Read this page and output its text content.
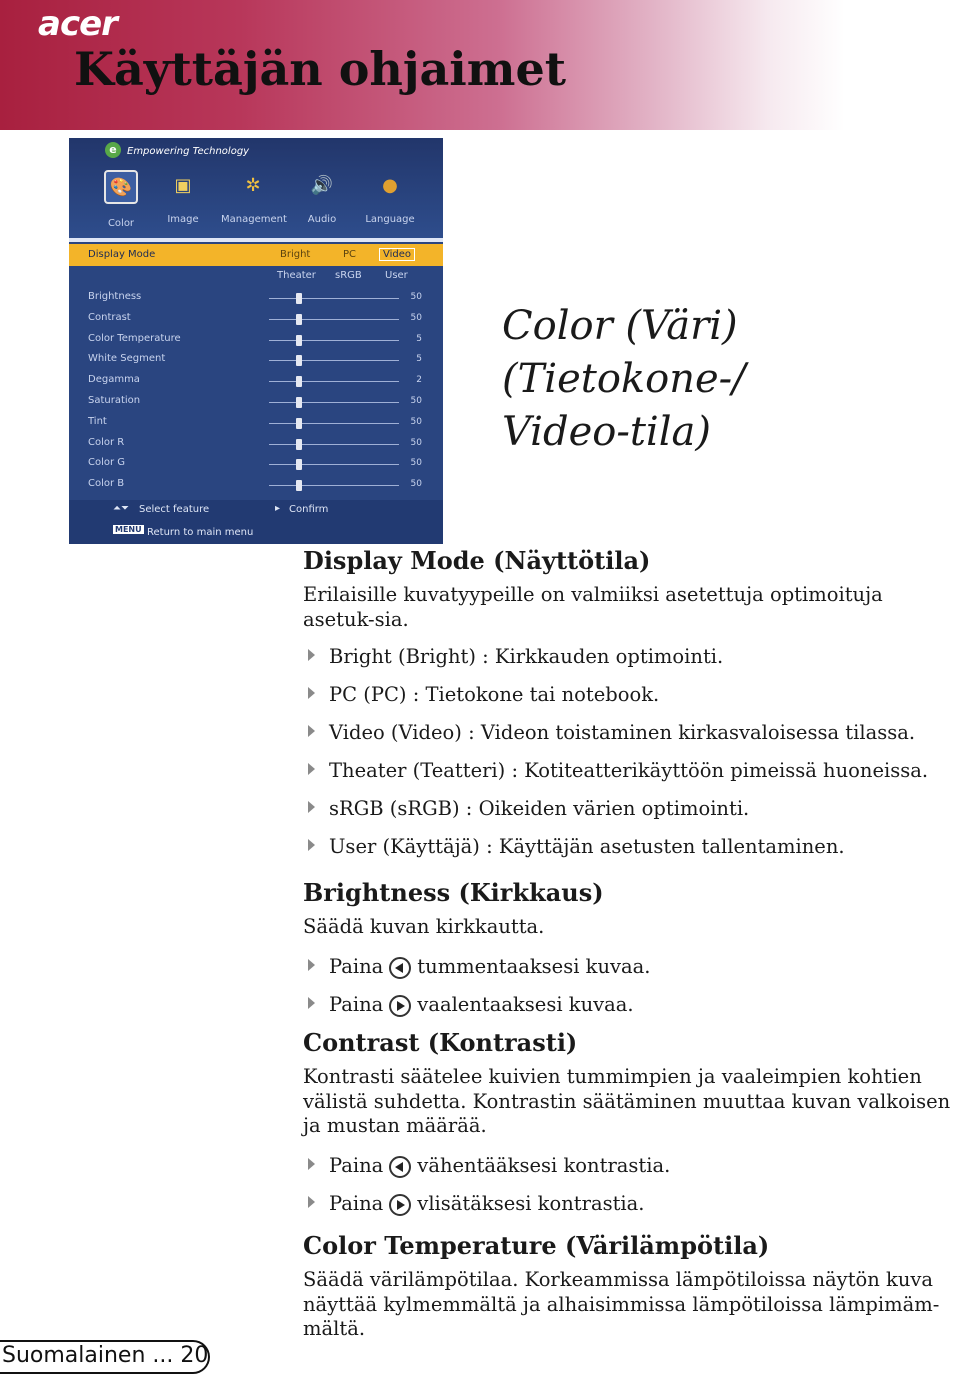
acer
Käyttäjän ohjaimet
e	Empowering Technology
🎨
Color
▣
Image
✲
Management
🔊
Audio
●
Language
Display Mode	Bright	PC	Video
Theater sRGB User
Brightness	50
Contrast	50
Color Temperature	5
White Segment	5
Degamma	2
Saturation	50
Tint	50
Color R	50
Color G	50
Color B	50
⏶⏷ Select feature	▸ Confirm
MENU Return to main menu
Color (Väri)
(Tietokone-/
Video-tila)
Display Mode (Näyttötila)
Erilaisille kuvatyypeille on valmiiksi asetettuja optimoituja asetuk-sia.
Bright (Bright) : Kirkkauden optimointi.
PC (PC) : Tietokone tai notebook.
Video (Video) : Videon toistaminen kirkasvaloisessa tilassa.
Theater (Teatteri) : Kotiteatterikäyttöön pimeissä huoneissa.
sRGB (sRGB) : Oikeiden värien optimointi.
User (Käyttäjä) : Käyttäjän asetusten tallentaminen.
Brightness (Kirkkaus)
Säädä kuvan kirkkautta.
Paina tummentaaksesi kuvaa.
Paina vaalentaaksesi kuvaa.
Contrast (Kontrasti)
Kontrasti säätelee kuivien tummimpien ja vaaleimpien kohtien välistä suhdetta. Kontrastin säätäminen muuttaa kuvan valkoisen ja mustan määrää.
Paina vähentääksesi kontrastia.
Paina vlisätäksesi kontrastia.
Color Temperature (Värilämpötila)
Säädä värilämpötilaa. Korkeammissa lämpötiloissa näytön kuva näyttää kylmemmältä ja alhaisimmissa lämpötiloissa lämpimäm-mältä.
Suomalainen ... 20
